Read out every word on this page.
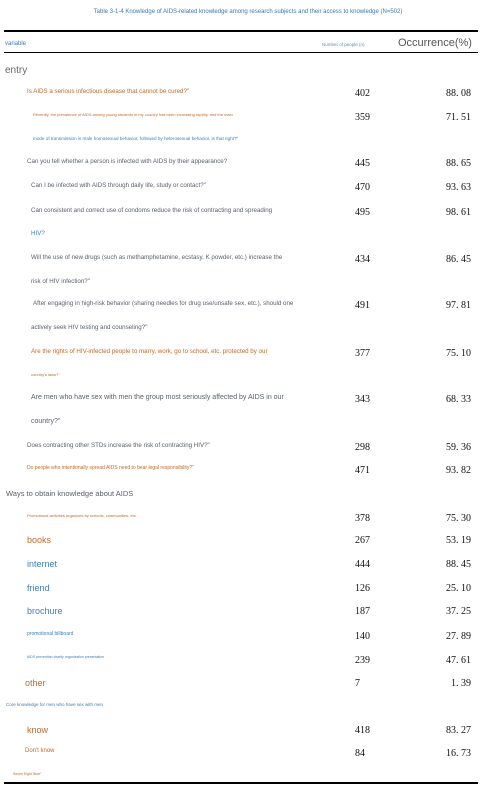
Table 3-1-4 Knowledge of AIDS-related knowledge among research subjects and their access to knowledge (N=502)
variable	Number of people (n)	Occurrence(%)
entry
Is AIDS a serious infectious disease that cannot be cured?"	402	88. 08
Recently, the prevalence of AIDS among young students in my country has been increasing rapidly, and the main
mode of transmission is male homosexual behavior, followed by heterosexual behavior, is that right?"
359	71. 51
Can you tell whether a person is infected with AIDS by their appearance?	445	88. 65
Can I be infected with AIDS through daily life, study or contact?"	470	93. 63
Can consistent and correct use of condoms reduce the risk of contracting and spreading
HIV?
495	98. 61
Will the use of new drugs (such as methamphetamine, ecstasy, K powder, etc.) increase the
risk of HIV infection?"
434	86. 45
After engaging in high-risk behavior (sharing needles for drug use/unsafe sex, etc.), should one
actively seek HIV testing and counseling?"
491	97. 81
Are the rights of HIV-infected people to marry, work, go to school, etc. protected by our
country's laws?"
377	75. 10
Are men who have sex with men the group most seriously affected by AIDS in our
country?"
343	68. 33
Does contracting other STDs increase the risk of contracting HIV?"	298	59. 36
Do people who intentionally spread AIDS need to bear legal responsibility?"	471	93. 82
Ways to obtain knowledge about AIDS
Promotional activities organized by schools, communities, etc.	378	75. 30
books	267	53. 19
internet	444	88. 45
friend	126	25. 10
brochure	187	37. 25
promotional billboard	140	27. 89
AIDS prevention charity organization presentation	239	47. 61
other	7	1. 39
Core knowledge for men who have sex with men
know	418	83. 27
Don't know	84	16. 73
Seven Eight Nine"
